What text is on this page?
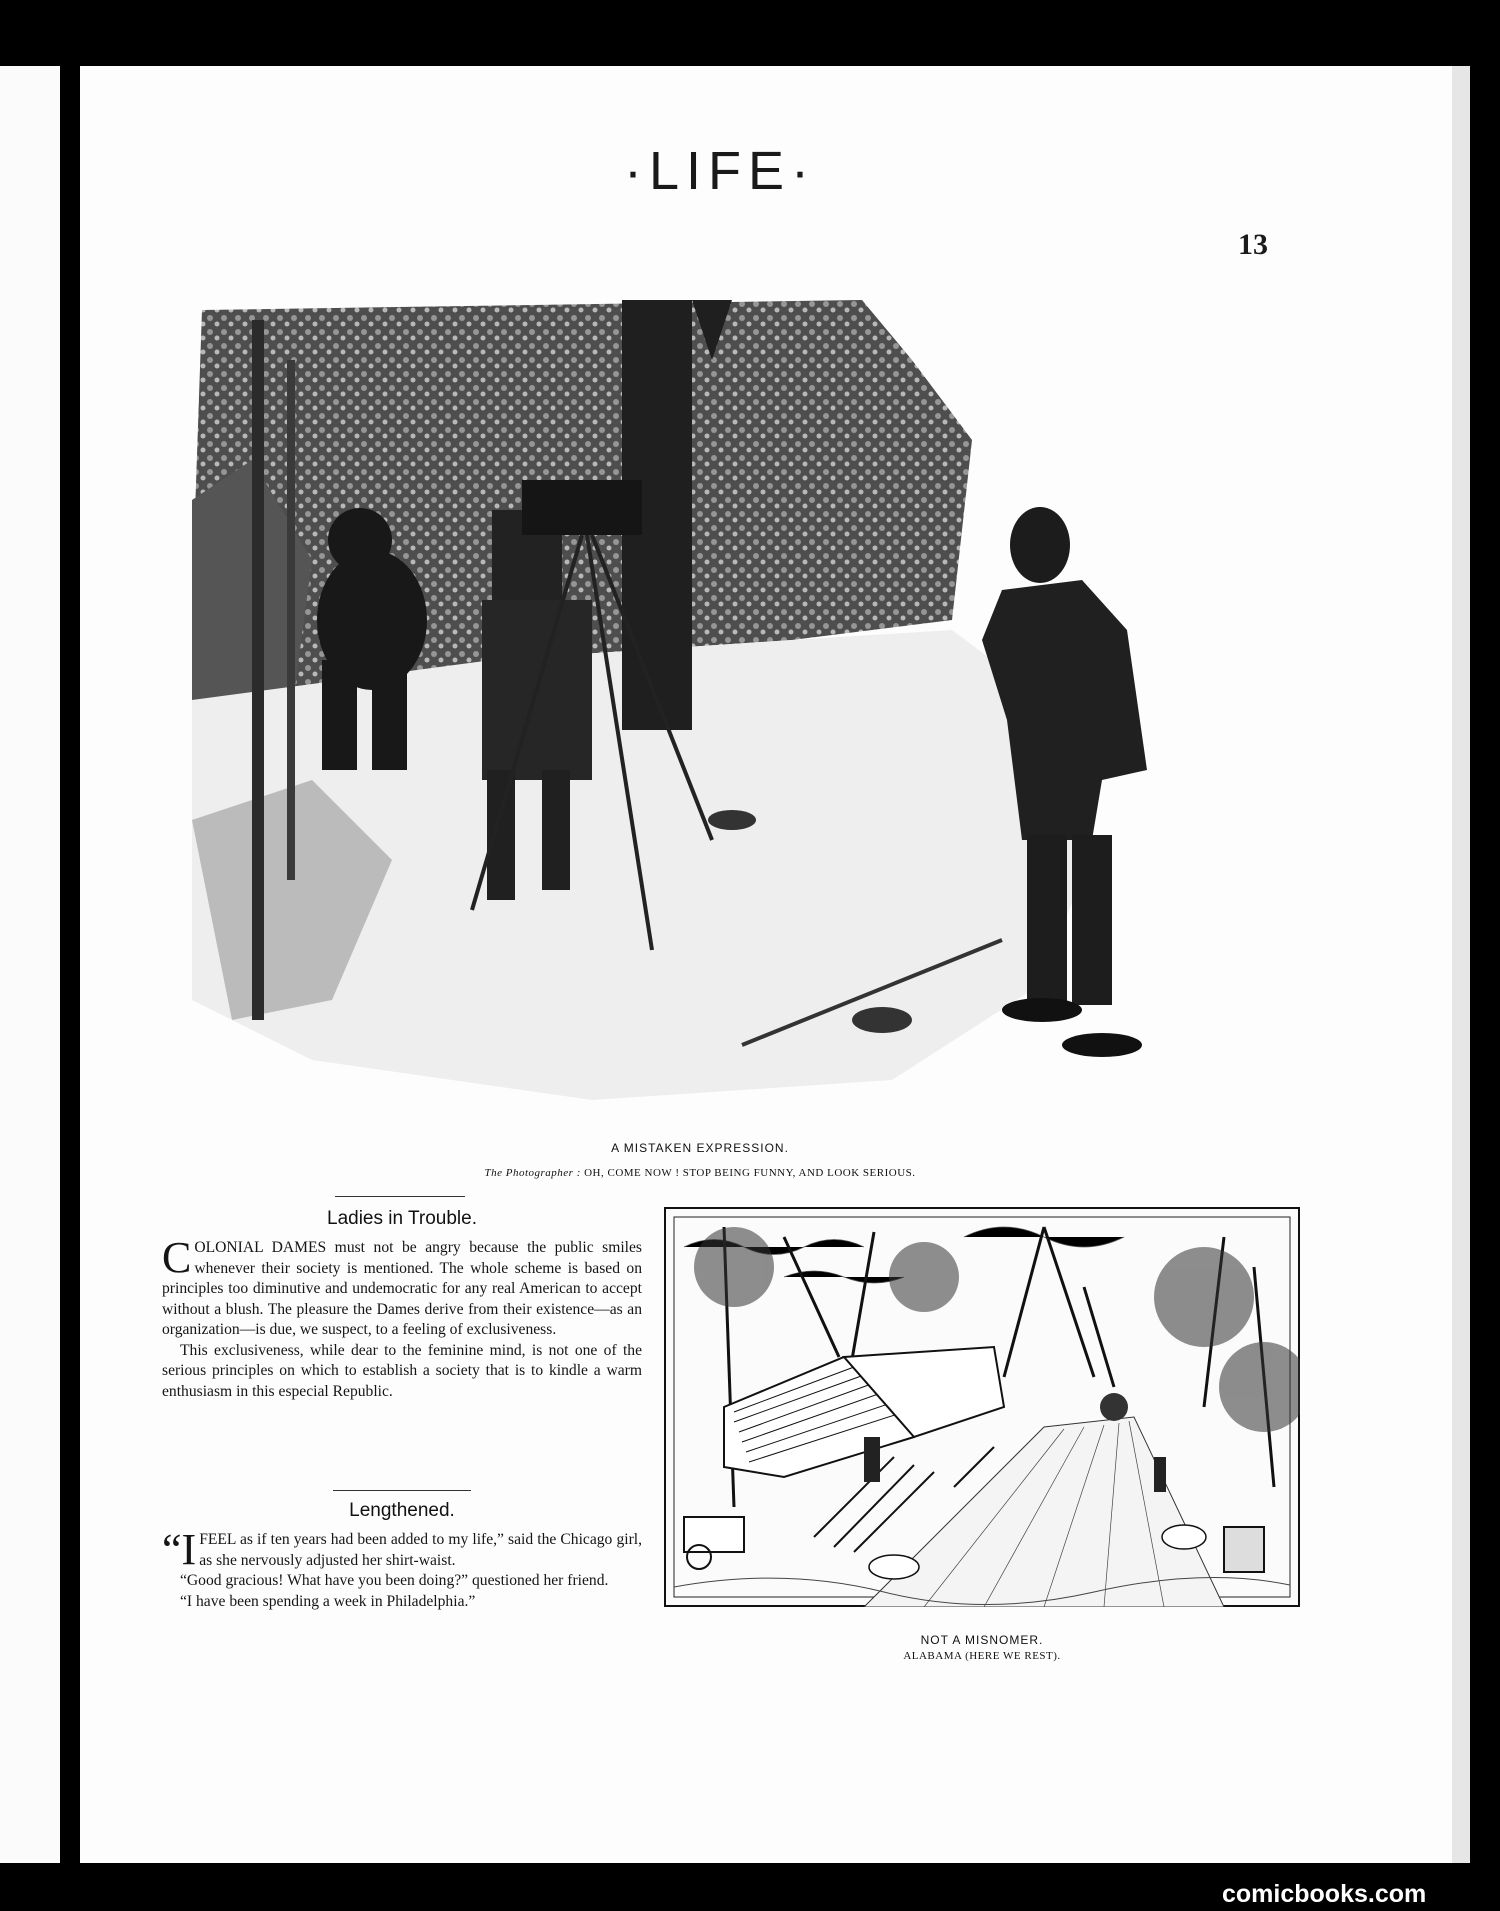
·LIFE·
13
A MISTAKEN EXPRESSION.
The Photographer : OH, COME NOW ! STOP BEING FUNNY, AND LOOK SERIOUS.
Ladies in Trouble.

COLONIAL DAMES must not be angry because the public smiles whenever their society is mentioned. The whole scheme is based on principles too diminutive and undemocratic for any real American to accept without a blush. The pleasure the Dames derive from their existence—as an organization—is due, we suspect, to a feeling of exclusiveness.

This exclusiveness, while dear to the feminine mind, is not one of the serious principles on which to establish a society that is to kindle a warm enthusiasm in this especial Republic.

Lengthened.

“IFEEL as if ten years had been added to my life,” said the Chicago girl, as she nervously adjusted her shirt-waist.

“Good gracious! What have you been doing?” questioned her friend.

“I have been spending a week in Philadelphia.”

NOT A MISNOMER.
ALABAMA (HERE WE REST).
comicbooks.com
